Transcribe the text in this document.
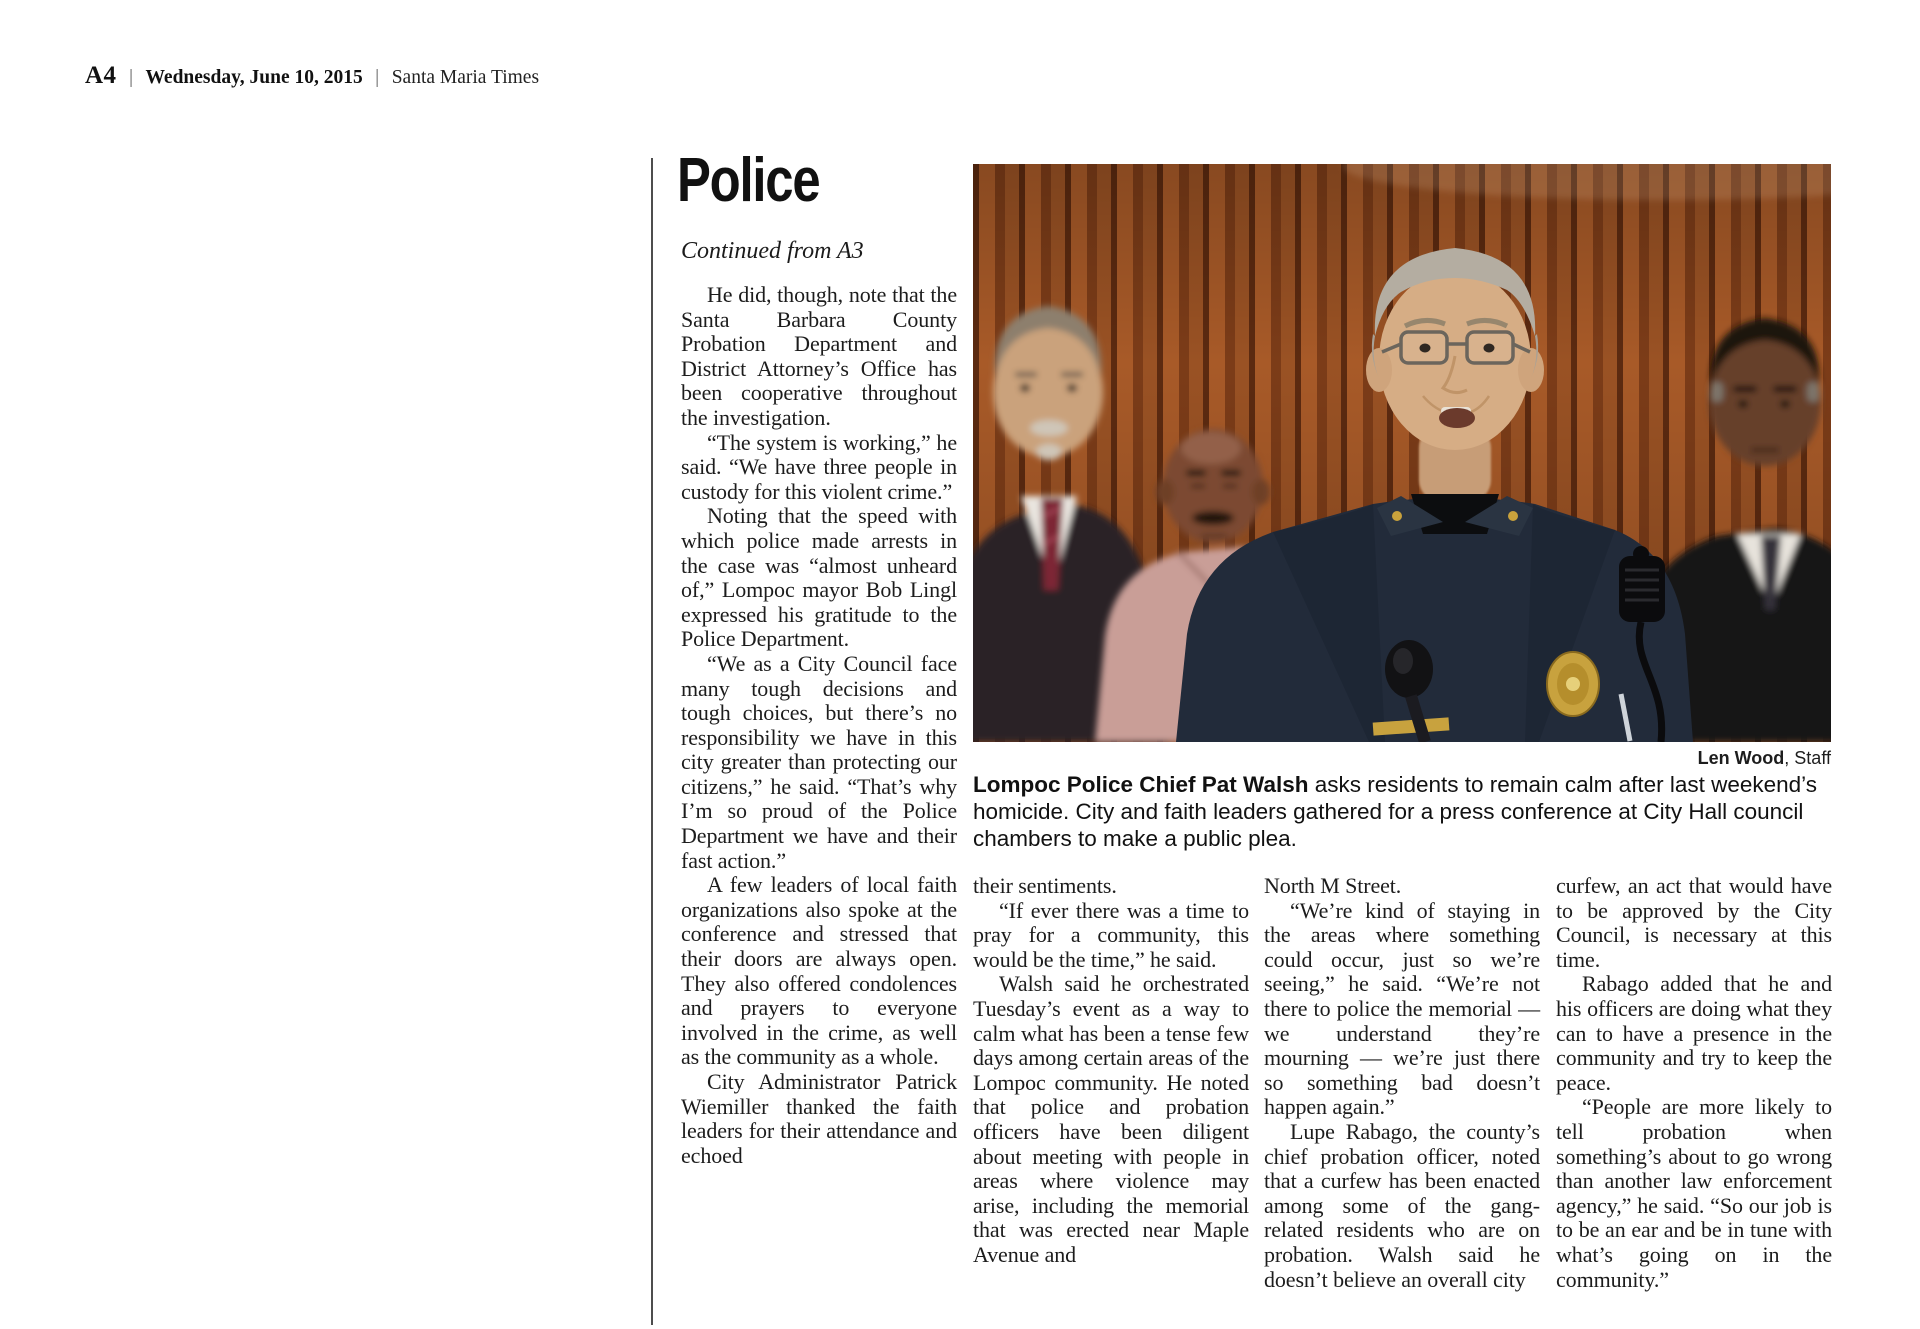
A4 | Wednesday, June 10, 2015 | Santa Maria Times
Police
Continued from A3

He did, though, note that the Santa Barbara County Probation Department and District Attorney’s Office has been cooperative throughout the investigation.

“The system is working,” he said. “We have three people in custody for this violent crime.”

Noting that the speed with which police made arrests in the case was “almost unheard of,” Lompoc mayor Bob Lingl expressed his gratitude to the Police Department.

“We as a City Council face many tough decisions and tough choices, but there’s no responsibility we have in this city greater than protecting our citizens,” he said. “That’s why I’m so proud of the Police Department we have and their fast action.”

A few leaders of local faith organizations also spoke at the conference and stressed that their doors are always open. They also offered condolences and prayers to everyone involved in the crime, as well as the community as a whole.

City Administrator Patrick Wiemiller thanked the faith leaders for their attendance and echoed

Len Wood, Staff
Lompoc Police Chief Pat Walsh asks residents to remain calm after last weekend’s homicide. City and faith leaders gathered for a press conference at City Hall council chambers to make a public plea.

their sentiments.

“If ever there was a time to pray for a community, this would be the time,” he said.

Walsh said he orchestrated Tuesday’s event as a way to calm what has been a tense few days among certain areas of the Lompoc community. He noted that police and probation officers have been diligent about meeting with people in areas where violence may arise, including the memorial that was erected near Maple Avenue and

North M Street.

“We’re kind of staying in the areas where something could occur, just so we’re seeing,” he said. “We’re not there to police the memorial — we understand they’re mourning — we’re just there so something bad doesn’t happen again.”

Lupe Rabago, the county’s chief probation officer, noted that a curfew has been enacted among some of the gang-related residents who are on probation. Walsh said he doesn’t believe an overall city

curfew, an act that would have to be approved by the City Council, is necessary at this time.

Rabago added that he and his officers are doing what they can to have a presence in the community and try to keep the peace.

“People are more likely to tell probation when something’s about to go wrong than another law enforcement agency,” he said. “So our job is to be an ear and be in tune with what’s going on in the community.”
